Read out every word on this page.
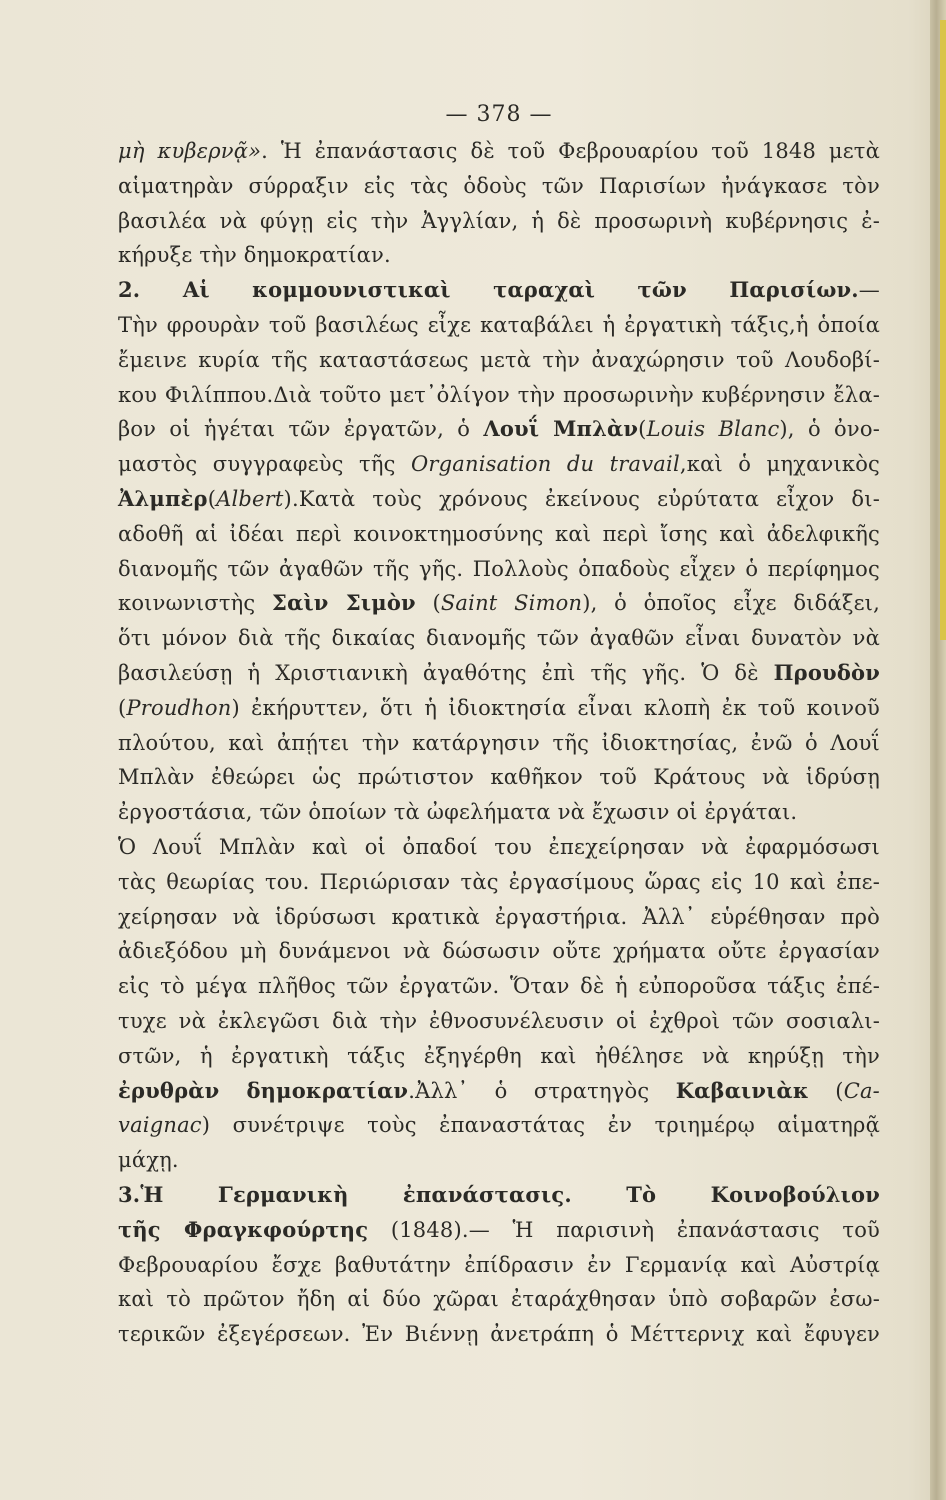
— 378 —
μὴ κυβερνᾷ». Ἡ ἐπανάστασις δὲ τοῦ Φεβρουαρίου τοῦ 1848 μετὰ
αἱματηρὰν σύρραξιν εἰς τὰς ὁδοὺς τῶν Παρισίων ἠνάγκασε τὸν
βασιλέα νὰ φύγῃ εἰς τὴν Ἀγγλίαν, ἡ δὲ προσωρινὴ κυβέρνησις ἐ-
κήρυξε τὴν δημοκρατίαν.
2. Αἱ κομμουνιστικαὶ ταραχαὶ τῶν Παρισίων.—
Τὴν φρουρὰν τοῦ βασιλέως εἶχε καταβάλει ἡ ἐργατικὴ τάξις,ἡ ὁποία
ἔμεινε κυρία τῆς καταστάσεως μετὰ τὴν ἀναχώρησιν τοῦ Λουδοβί-
κου Φιλίππου.Διὰ τοῦτο μετ᾿ὀλίγον τὴν προσωρινὴν κυβέρνησιν ἔλα-
βον οἱ ἡγέται τῶν ἐργατῶν, ὁ Λουΐ Μπλὰν(Louis Blanc), ὁ ὀνο-
μαστὸς συγγραφεὺς τῆς Organisation du travail,καὶ ὁ μηχανικὸς
Ἀλμπὲρ(Albert).Κατὰ τοὺς χρόνους ἐκείνους εὐρύτατα εἶχον δι-
αδοθῆ αἱ ἰδέαι περὶ κοινοκτημοσύνης καὶ περὶ ἴσης καὶ ἀδελφικῆς
διανομῆς τῶν ἀγαθῶν τῆς γῆς. Πολλοὺς ὀπαδοὺς εἶχεν ὁ περίφημος
κοινωνιστὴς Σαὶν Σιμὸν (Saint Simon), ὁ ὁποῖος εἶχε διδάξει,
ὅτι μόνον διὰ τῆς δικαίας διανομῆς τῶν ἀγαθῶν εἶναι δυνατὸν νὰ
βασιλεύσῃ ἡ Χριστιανικὴ ἀγαθότης ἐπὶ τῆς γῆς. Ὁ δὲ Προυδὸν
(Proudhon) ἐκήρυττεν, ὅτι ἡ ἰδιοκτησία εἶναι κλοπὴ ἐκ τοῦ κοινοῦ
πλούτου, καὶ ἀπῄτει τὴν κατάργησιν τῆς ἰδιοκτησίας, ἐνῶ ὁ Λουΐ
Μπλὰν ἐθεώρει ὡς πρώτιστον καθῆκον τοῦ Κράτους νὰ ἱδρύσῃ
ἐργοστάσια, τῶν ὁποίων τὰ ὠφελήματα νὰ ἔχωσιν οἱ ἐργάται.
Ὁ Λουΐ Μπλὰν καὶ οἱ ὀπαδοί του ἐπεχείρησαν νὰ ἐφαρμόσωσι
τὰς θεωρίας του. Περιώρισαν τὰς ἐργασίμους ὥρας εἰς 10 καὶ ἐπε-
χείρησαν νὰ ἱδρύσωσι κρατικὰ ἐργαστήρια. Ἀλλ᾿ εὑρέθησαν πρὸ
ἀδιεξόδου μὴ δυνάμενοι νὰ δώσωσιν οὔτε χρήματα οὔτε ἐργασίαν
εἰς τὸ μέγα πλῆθος τῶν ἐργατῶν. Ὅταν δὲ ἡ εὐποροῦσα τάξις ἐπέ-
τυχε νὰ ἐκλεγῶσι διὰ τὴν ἐθνοσυνέλευσιν οἱ ἐχθροὶ τῶν σοσιαλι-
στῶν, ἡ ἐργατικὴ τάξις ἐξηγέρθη καὶ ἠθέλησε νὰ κηρύξῃ τὴν
ἐρυθρὰν δημοκρατίαν.Ἀλλ᾿ ὁ στρατηγὸς Καβαινιὰκ (Ca-
vaignac) συνέτριψε τοὺς ἐπαναστάτας ἐν τριημέρῳ αἱματηρᾷ
μάχῃ.
3.Ἡ Γερμανικὴ ἐπανάστασις. Τὸ Κοινοβούλιον
τῆς Φραγκφούρτης (1848).— Ἡ παρισινὴ ἐπανάστασις τοῦ
Φεβρουαρίου ἔσχε βαθυτάτην ἐπίδρασιν ἐν Γερμανίᾳ καὶ Αὐστρίᾳ
καὶ τὸ πρῶτον ἤδη αἱ δύο χῶραι ἐταράχθησαν ὑπὸ σοβαρῶν ἐσω-
τερικῶν ἐξεγέρσεων. Ἐν Βιέννῃ ἀνετράπη ὁ Μέττερνιχ καὶ ἔφυγεν
